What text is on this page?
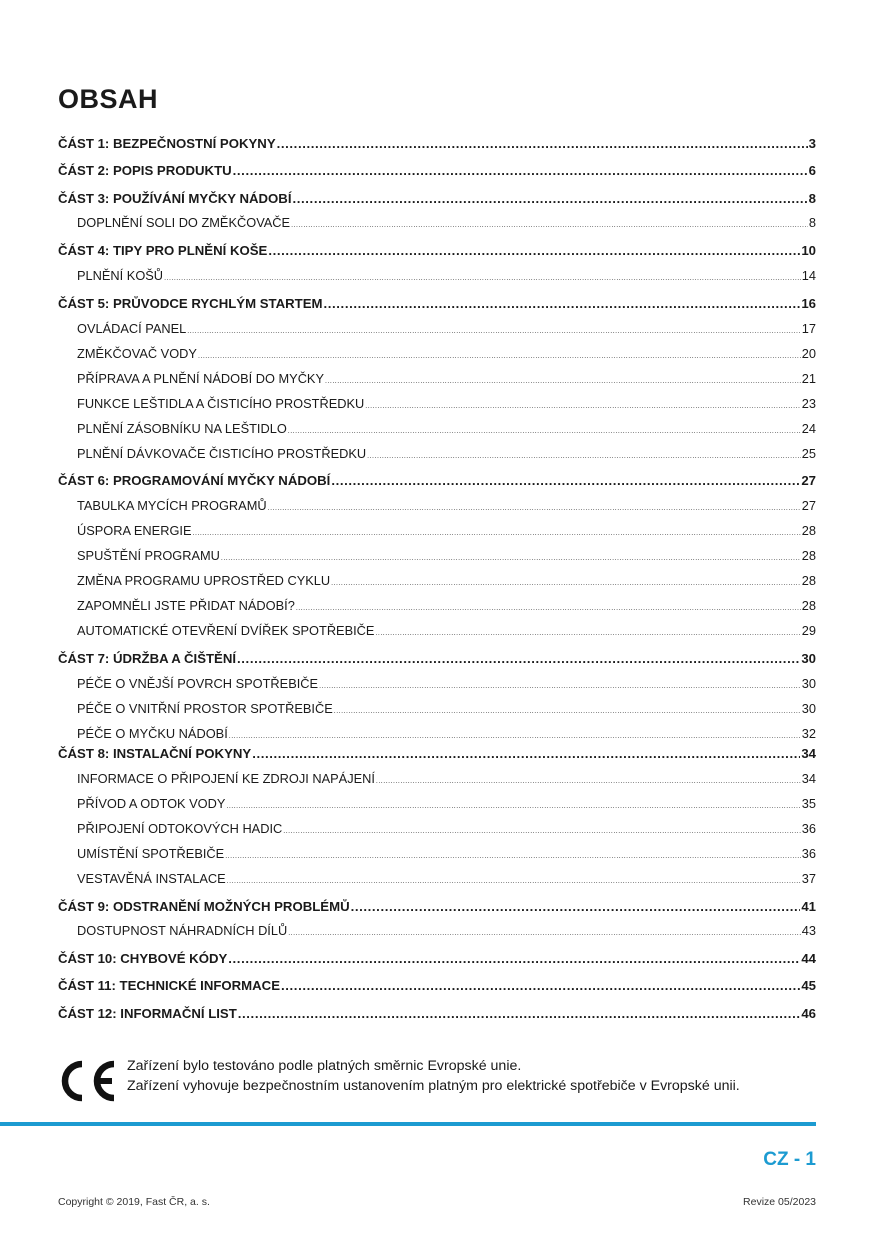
OBSAH
ČÁST 1: BEZPEČNOSTNÍ POKYNY .....	3
ČÁST 2: POPIS PRODUKTU .....	6
ČÁST 3: POUŽÍVÁNÍ MYČKY NÁDOBÍ .....	8
DOPLNĚNÍ SOLI DO ZMĚKČOVAČE .....	8
ČÁST 4: TIPY PRO PLNĚNÍ KOŠE .....	10
PLNĚNÍ KOŠŮ .....	14
ČÁST 5: PRŮVODCE RYCHLÝM STARTEM .....	16
OVLÁDACÍ PANEL .....	17
ZMĚKČOVAČ VODY .....	20
PŘÍPRAVA A PLNĚNÍ NÁDOBÍ DO MYČKY .....	21
FUNKCE LEŠTIDLA A ČISTICÍHO PROSTŘEDKU .....	23
PLNĚNÍ ZÁSOBNÍKU NA LEŠTIDLO .....	24
PLNĚNÍ DÁVKOVAČE ČISTICÍHO PROSTŘEDKU .....	25
ČÁST 6: PROGRAMOVÁNÍ MYČKY NÁDOBÍ .....	27
TABULKA MYCÍCH PROGRAMŮ .....	27
ÚSPORA ENERGIE .....	28
SPUŠTĚNÍ PROGRAMU .....	28
ZMĚNA PROGRAMU UPROSTŘED CYKLU .....	28
ZAPOMNĚLI JSTE PŘIDAT NÁDOBÍ? .....	28
AUTOMATICKÉ OTEVŘENÍ DVÍŘEK SPOTŘEBIČE .....	29
ČÁST 7: ÚDRŽBA A ČIŠTĚNÍ .....	30
PÉČE O VNĚJŠÍ POVRCH SPOTŘEBIČE .....	30
PÉČE O VNITŘNÍ PROSTOR SPOTŘEBIČE .....	30
PÉČE O MYČKU NÁDOBÍ .....	32
ČÁST 8: INSTALAČNÍ POKYNY .....	34
INFORMACE O PŘIPOJENÍ KE ZDROJI NAPÁJENÍ .....	34
PŘÍVOD A ODTOK VODY .....	35
PŘIPOJENÍ ODTOKOVÝCH HADIC .....	36
UMÍSTĚNÍ SPOTŘEBIČE .....	36
VESTAVĚNÁ INSTALACE .....	37
ČÁST 9: ODSTRANĚNÍ MOŽNÝCH PROBLÉMŮ .....	41
DOSTUPNOST NÁHRADNÍCH DÍLŮ .....	43
ČÁST 10: CHYBOVÉ KÓDY .....	44
ČÁST 11: TECHNICKÉ INFORMACE .....	45
ČÁST 12: INFORMAČNÍ LIST .....	46
Zařízení bylo testováno podle platných směrnic Evropské unie.
Zařízení vyhovuje bezpečnostním ustanovením platným pro elektrické spotřebiče v Evropské unii.
CZ - 1
Copyright © 2019, Fast ČR, a. s.	Revize 05/2023
